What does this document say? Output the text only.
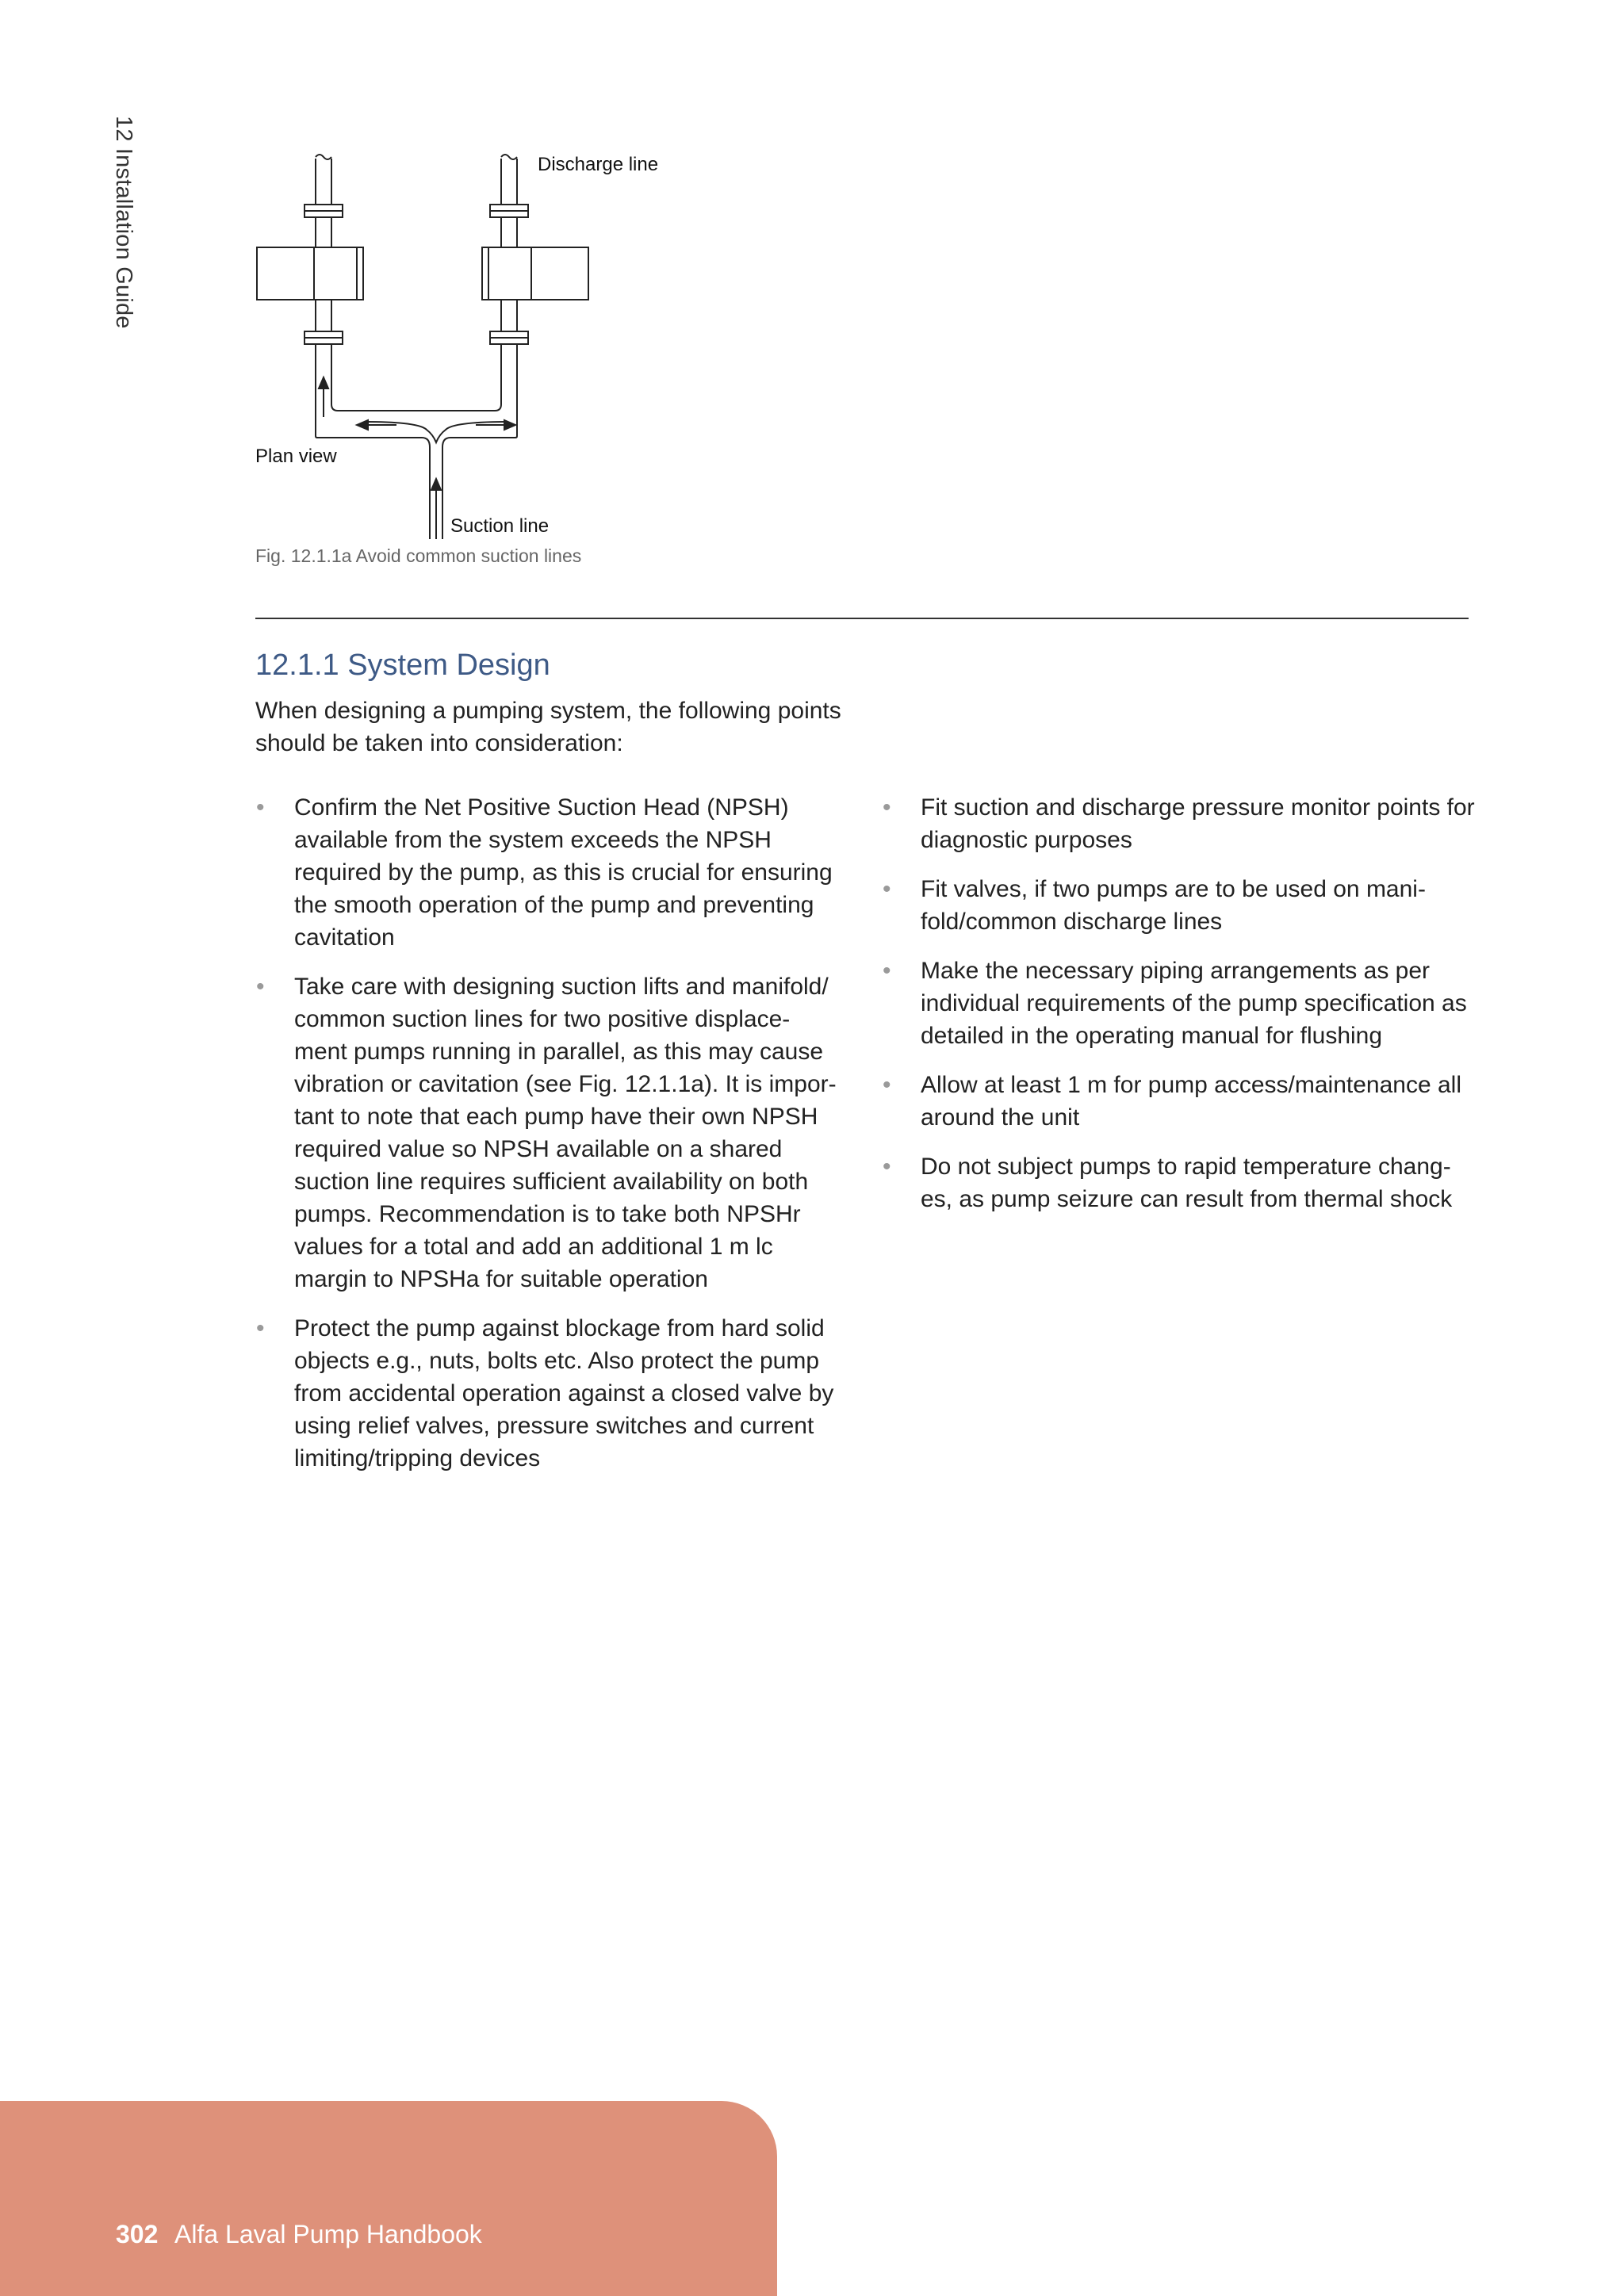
12 Installation Guide	Discharge line
Plan view
Suction line
Fig. 12.1.1a Avoid common suction lines
12.1.1 System Design

When designing a pumping system, the following points should be taken into consideration:

• Confirm the Net Positive Suction Head (NPSH) available from the system exceeds the NPSH required by the pump, as this is crucial for ensuring the smooth operation of the pump and preventing cavitation
• Take care with designing suction lifts and manifold/ common suction lines for two positive displace- ment pumps running in parallel, as this may cause vibration or cavitation (see Fig. 12.1.1a). It is impor- tant to note that each pump have their own NPSH required value so NPSH available on a shared suction line requires sufficient availability on both pumps. Recommendation is to take both NPSHr values for a total and add an additional 1 m lc margin to NPSHa for suitable operation
• Protect the pump against blockage from hard solid objects e.g., nuts, bolts etc. Also protect the pump from accidental operation against a closed valve by using relief valves, pressure switches and current limiting/tripping devices
• Fit suction and discharge pressure monitor points for diagnostic purposes
• Fit valves, if two pumps are to be used on mani- fold/common discharge lines
• Make the necessary piping arrangements as per individual requirements of the pump specification as detailed in the operating manual for flushing
• Allow at least 1 m for pump access/maintenance all around the unit
• Do not subject pumps to rapid temperature chang- es, as pump seizure can result from thermal shock
302 Alfa Laval Pump Handbook
